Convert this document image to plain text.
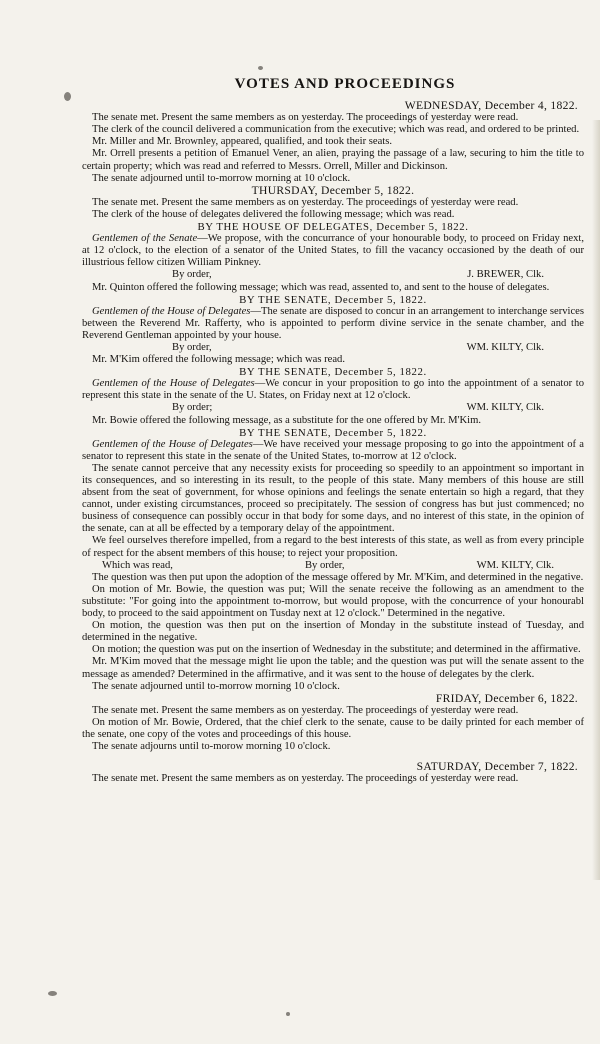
VOTES AND PROCEEDINGS
WEDNESDAY, December 4, 1822.

The senate met. Present the same members as on yesterday. The proceedings of yesterday were read.

The clerk of the council delivered a communication from the executive; which was read, and ordered to be printed.

Mr. Miller and Mr. Brownley, appeared, qualified, and took their seats.

Mr. Orrell presents a petition of Emanuel Vener, an alien, praying the passage of a law, securing to him the title to certain property; which was read and referred to Messrs. Orrell, Miller and Dickinson.

The senate adjourned until to-morrow morning at 10 o'clock.

THURSDAY, December 5, 1822.

The senate met. Present the same members as on yesterday. The proceedings of yesterday were read.

The clerk of the house of delegates delivered the following message; which was read.

BY THE HOUSE OF DELEGATES, December 5, 1822.

Gentlemen of the Senate—We propose, with the concurrance of your honourable body, to proceed on Friday next, at 12 o'clock, to the election of a senator of the United States, to fill the vacancy occasioned by the death of our illustrious fellow citizen William Pinkney.

By order,	J. BREWER, Clk.

Mr. Quinton offered the following message; which was read, assented to, and sent to the house of delegates.

BY THE SENATE, December 5, 1822.

Gentlemen of the House of Delegates—The senate are disposed to concur in an arrangement to interchange services between the Reverend Mr. Rafferty, who is appointed to perform divine service in the senate chamber, and the Reverend Gentleman appointed by your house.

By order,	WM. KILTY, Clk.

Mr. M'Kim offered the following message; which was read.

BY THE SENATE, December 5, 1822.

Gentlemen of the House of Delegates—We concur in your proposition to go into the appointment of a senator to represent this state in the senate of the U. States, on Friday next at 12 o'clock.

By order;	WM. KILTY, Clk.

Mr. Bowie offered the following message, as a substitute for the one offered by Mr. M'Kim.

BY THE SENATE, December 5, 1822.

Gentlemen of the House of Delegates—We have received your message proposing to go into the appointment of a senator to represent this state in the senate of the United States, to-morrow at 12 o'clock.

The senate cannot perceive that any necessity exists for proceeding so speedily to an appointment so important in its consequences, and so interesting in its result, to the people of this state. Many members of this house are still absent from the seat of government, for whose opinions and feelings the senate entertain so high a regard, that they cannot, under existing circumstances, proceed so precipitately. The session of congress has but just commenced; no business of consequence can possibly occur in that body for some days, and no interest of this state, in the opinion of the senate, can at all be effected by a temporary delay of the appointment.

We feel ourselves therefore impelled, from a regard to the best interests of this state, as well as from every principle of respect for the absent members of this house; to reject your proposition.

Which was read,	By order,	WM. KILTY, Clk.

The question was then put upon the adoption of the message offered by Mr. M'Kim, and determined in the negative.

On motion of Mr. Bowie, the question was put; Will the senate receive the following as an amendment to the substitute: "For going into the appointment to-morrow, but would propose, with the concurrence of your honourabl body, to proceed to the said appointment on Tusday next at 12 o'clock." Determined in the negative.

On motion, the question was then put on the insertion of Monday in the substitute instead of Tuesday, and determined in the negative.

On motion; the question was put on the insertion of Wednesday in the substitute; and determined in the affirmative.

Mr. M'Kim moved that the message might lie upon the table; and the question was put will the senate assent to the message as amended? Determined in the affirmative, and it was sent to the house of delegates by the clerk.

The senate adjourned until to-morrow morning 10 o'clock.

FRIDAY, December 6, 1822.

The senate met. Present the same members as on yesterday. The proceedings of yesterday were read.

On motion of Mr. Bowie, Ordered, that the chief clerk to the senate, cause to be daily printed for each member of the senate, one copy of the votes and proceedings of this house.

The senate adjourns until to-morow morning 10 o'clock.

SATURDAY, December 7, 1822.

The senate met. Present the same members as on yesterday. The proceedings of yesterday were read.
